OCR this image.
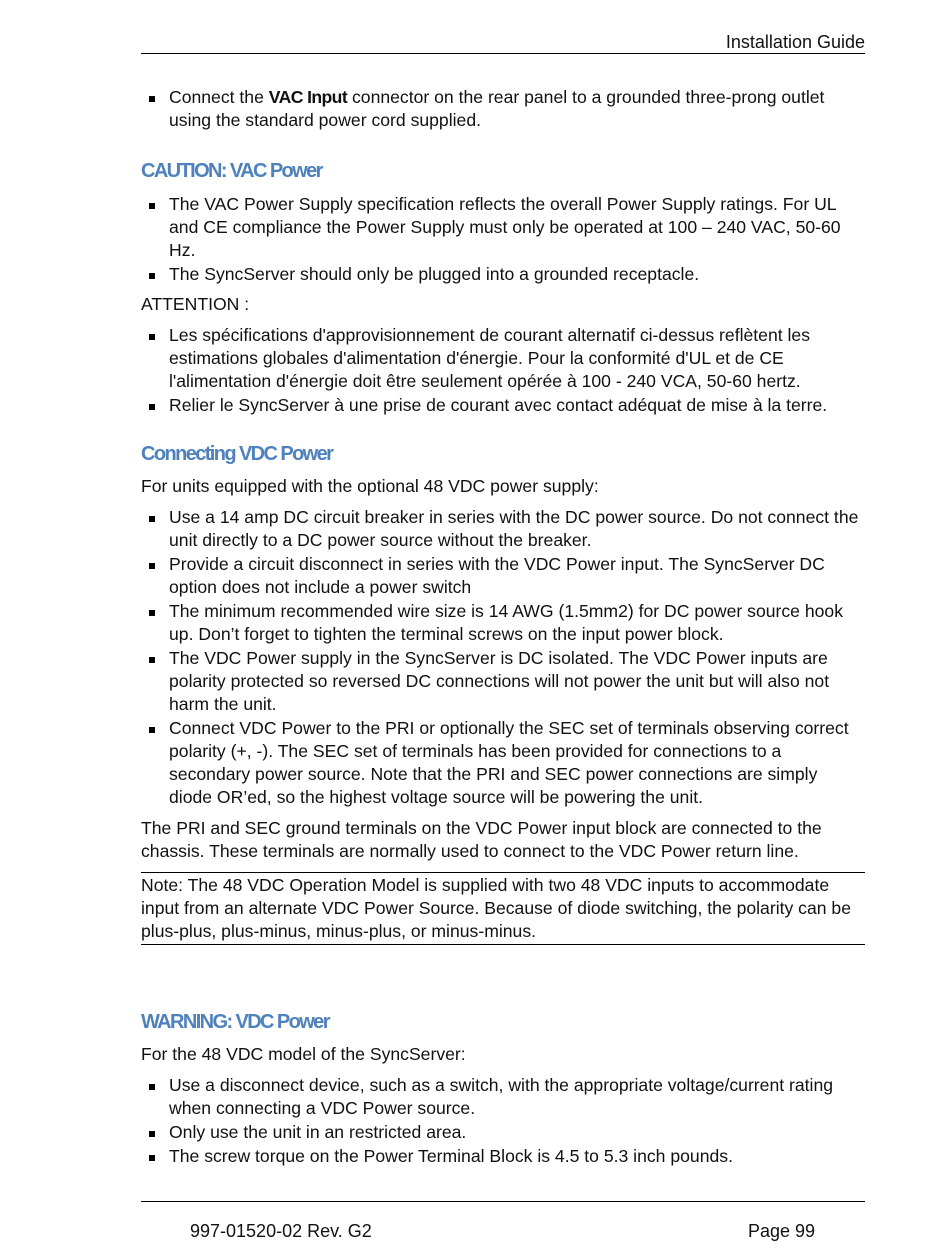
Installation Guide
Connect the VAC Input connector on the rear panel to a grounded three-prong outlet using the standard power cord supplied.
CAUTION: VAC Power
The VAC Power Supply specification reflects the overall Power Supply ratings. For UL and CE compliance the Power Supply must only be operated at 100 – 240 VAC, 50-60 Hz.
The SyncServer should only be plugged into a grounded receptacle.

ATTENTION :

Les spécifications d'approvisionnement de courant alternatif ci-dessus reflètent les estimations globales d'alimentation d'énergie. Pour la conformité d'UL et de CE l'alimentation d'énergie doit être seulement opérée à 100 - 240 VCA, 50-60 hertz.
Relier le SyncServer à une prise de courant avec contact adéquat de mise à la terre.
Connecting VDC Power

For units equipped with the optional 48 VDC power supply:

Use a 14 amp DC circuit breaker in series with the DC power source. Do not connect the unit directly to a DC power source without the breaker.
Provide a circuit disconnect in series with the VDC Power input. The SyncServer DC option does not include a power switch
The minimum recommended wire size is 14 AWG (1.5mm2) for DC power source hook up. Don’t forget to tighten the terminal screws on the input power block.
The VDC Power supply in the SyncServer is DC isolated. The VDC Power inputs are polarity protected so reversed DC connections will not power the unit but will also not harm the unit.
Connect VDC Power to the PRI or optionally the SEC set of terminals observing correct polarity (+, -). The SEC set of terminals has been provided for connections to a secondary power source. Note that the PRI and SEC power connections are simply diode OR’ed, so the highest voltage source will be powering the unit.

The PRI and SEC ground terminals on the VDC Power input block are connected to the chassis. These terminals are normally used to connect to the VDC Power return line.

Note: The 48 VDC Operation Model is supplied with two 48 VDC inputs to accommodate input from an alternate VDC Power Source. Because of diode switching, the polarity can be plus-plus, plus-minus, minus-plus, or minus-minus.

WARNING: VDC Power

For the 48 VDC model of the SyncServer:

Use a disconnect device, such as a switch, with the appropriate voltage/current rating when connecting a VDC Power source.
Only use the unit in an restricted area.
The screw torque on the Power Terminal Block is 4.5 to 5.3 inch pounds.
997-01520-02 Rev. G2	Page 99
